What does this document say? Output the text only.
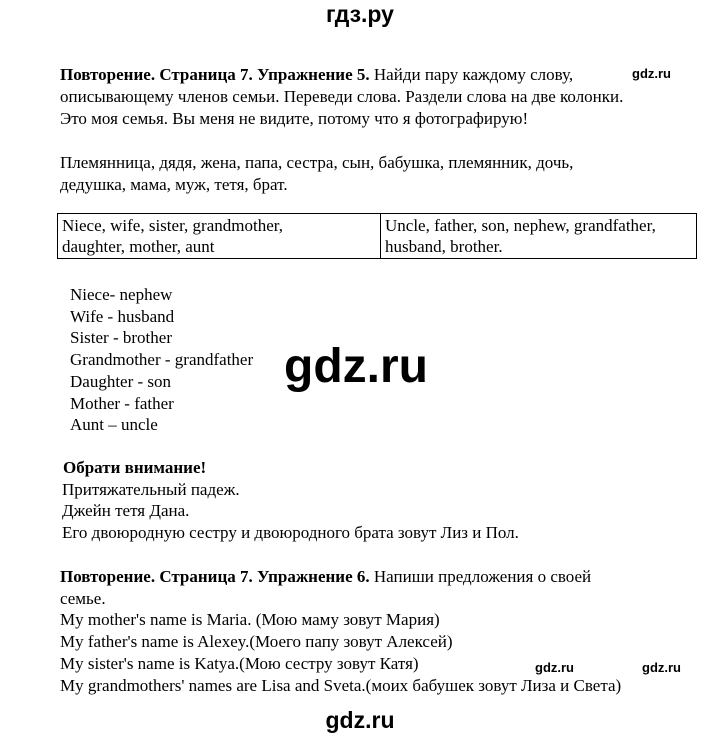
гдз.ру
Повторение. Страница 7. Упражнение 5. Найди пару каждому слову,	gdz.ru
описывающему членов семьи. Переведи слова. Раздели слова на две колонки.
Это моя семья. Вы меня не видите, потому что я фотографирую!
Племянница, дядя, жена, папа, сестра, сын, бабушка, племянник, дочь,
дедушка, мама, муж, тетя, брат.
Niece, wife, sister, grandmother,
daughter, mother, aunt

Uncle, father, son, nephew, grandfather,
husband, brother.
Niece- nephew
Wife - husband
Sister - brother
Grandmother - grandfather
Daughter - son
Mother - father
Aunt – uncle
gdz.ru
Обрати внимание!
Притяжательный падеж.
Джейн тетя Дана.
Его двоюродную сестру и двоюродного брата зовут Лиз и Пол.
Повторение. Страница 7. Упражнение 6. Напиши предложения о своей
семье.
My mother's name is Maria. (Мою маму зовут Мария)
My father's name is Alexey.(Моего папу зовут Алексей)
My sister's name is Katya.(Мою сестру зовут Катя)	gdz.ru	gdz.ru
My grandmothers' names are Lisa and Sveta.(моих бабушек зовут Лиза и Света)
gdz.ru
